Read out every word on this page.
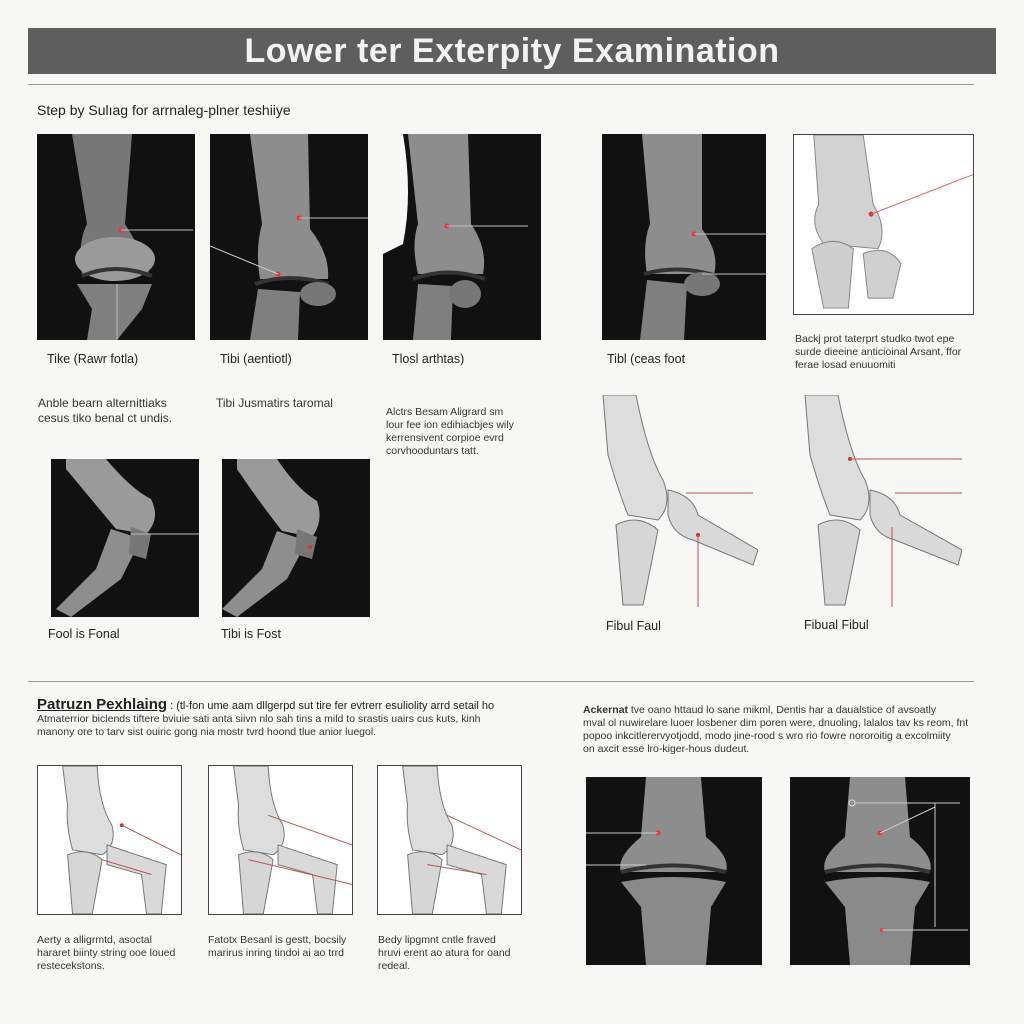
Lower ter Exterpity Examination
Step by Sulıag for arrnaleg-plner teshiiye
Tike (Rawr fotla)	Tibi (aentiotl)	Tlosl arthtas)	Tibl (ceas foot
Backj prot taterprt studko twot epe
surde dieeine anticioinal Arsant, ffor
ferae losad enuuomiti
Anble bearn alternittiaks
cesus tiko benal ct undis.
Tibi Jusmatirs taromal
Alctrs Besam Aligrard sm
lour fee ion edihiacbjes wily
kerrensivent corpioe evrd
corvhooduntars tatt.
Fool is Fonal	Tibi is Fost
Fibul Faul	Fibual Fibul
Patruzn Pexhlaing : (tl-fon ume aam dllgerpd sut tire fer evtrerr esuliolity arrd setail ho
Atmaterrior biclends tiftere bviuie sati anta siivn nlo sah tins a mild to srastis uairs cus kuts, kinh
manony ore to tarv sist ouiric gong nia mostr tvrd hoond tlue anior luegol.
Ackernat tve oano httaud lo sane mikml, Dentis har a daualstice of avsoatly
mval ol nuwirelare luoer losbener dim poren were, dnuoling, lalalos tav ks reom, fnt
popoo inkcitlerervyotjodd, modo jine-rood s wro rio fowre nororoitig a excolmiity
on axcit esse lro-kiger-hous dudeut.
Aerty a alligrmtd, asoctal
hararet biinty string ooe loued
restecekstons.
Fatotx Besanl is gestt, bocsily
marirus inring tindoi ai ao trrd
Bedy lipgmnt cntle fraved
hruvi erent ao atura for oand
redeal.
